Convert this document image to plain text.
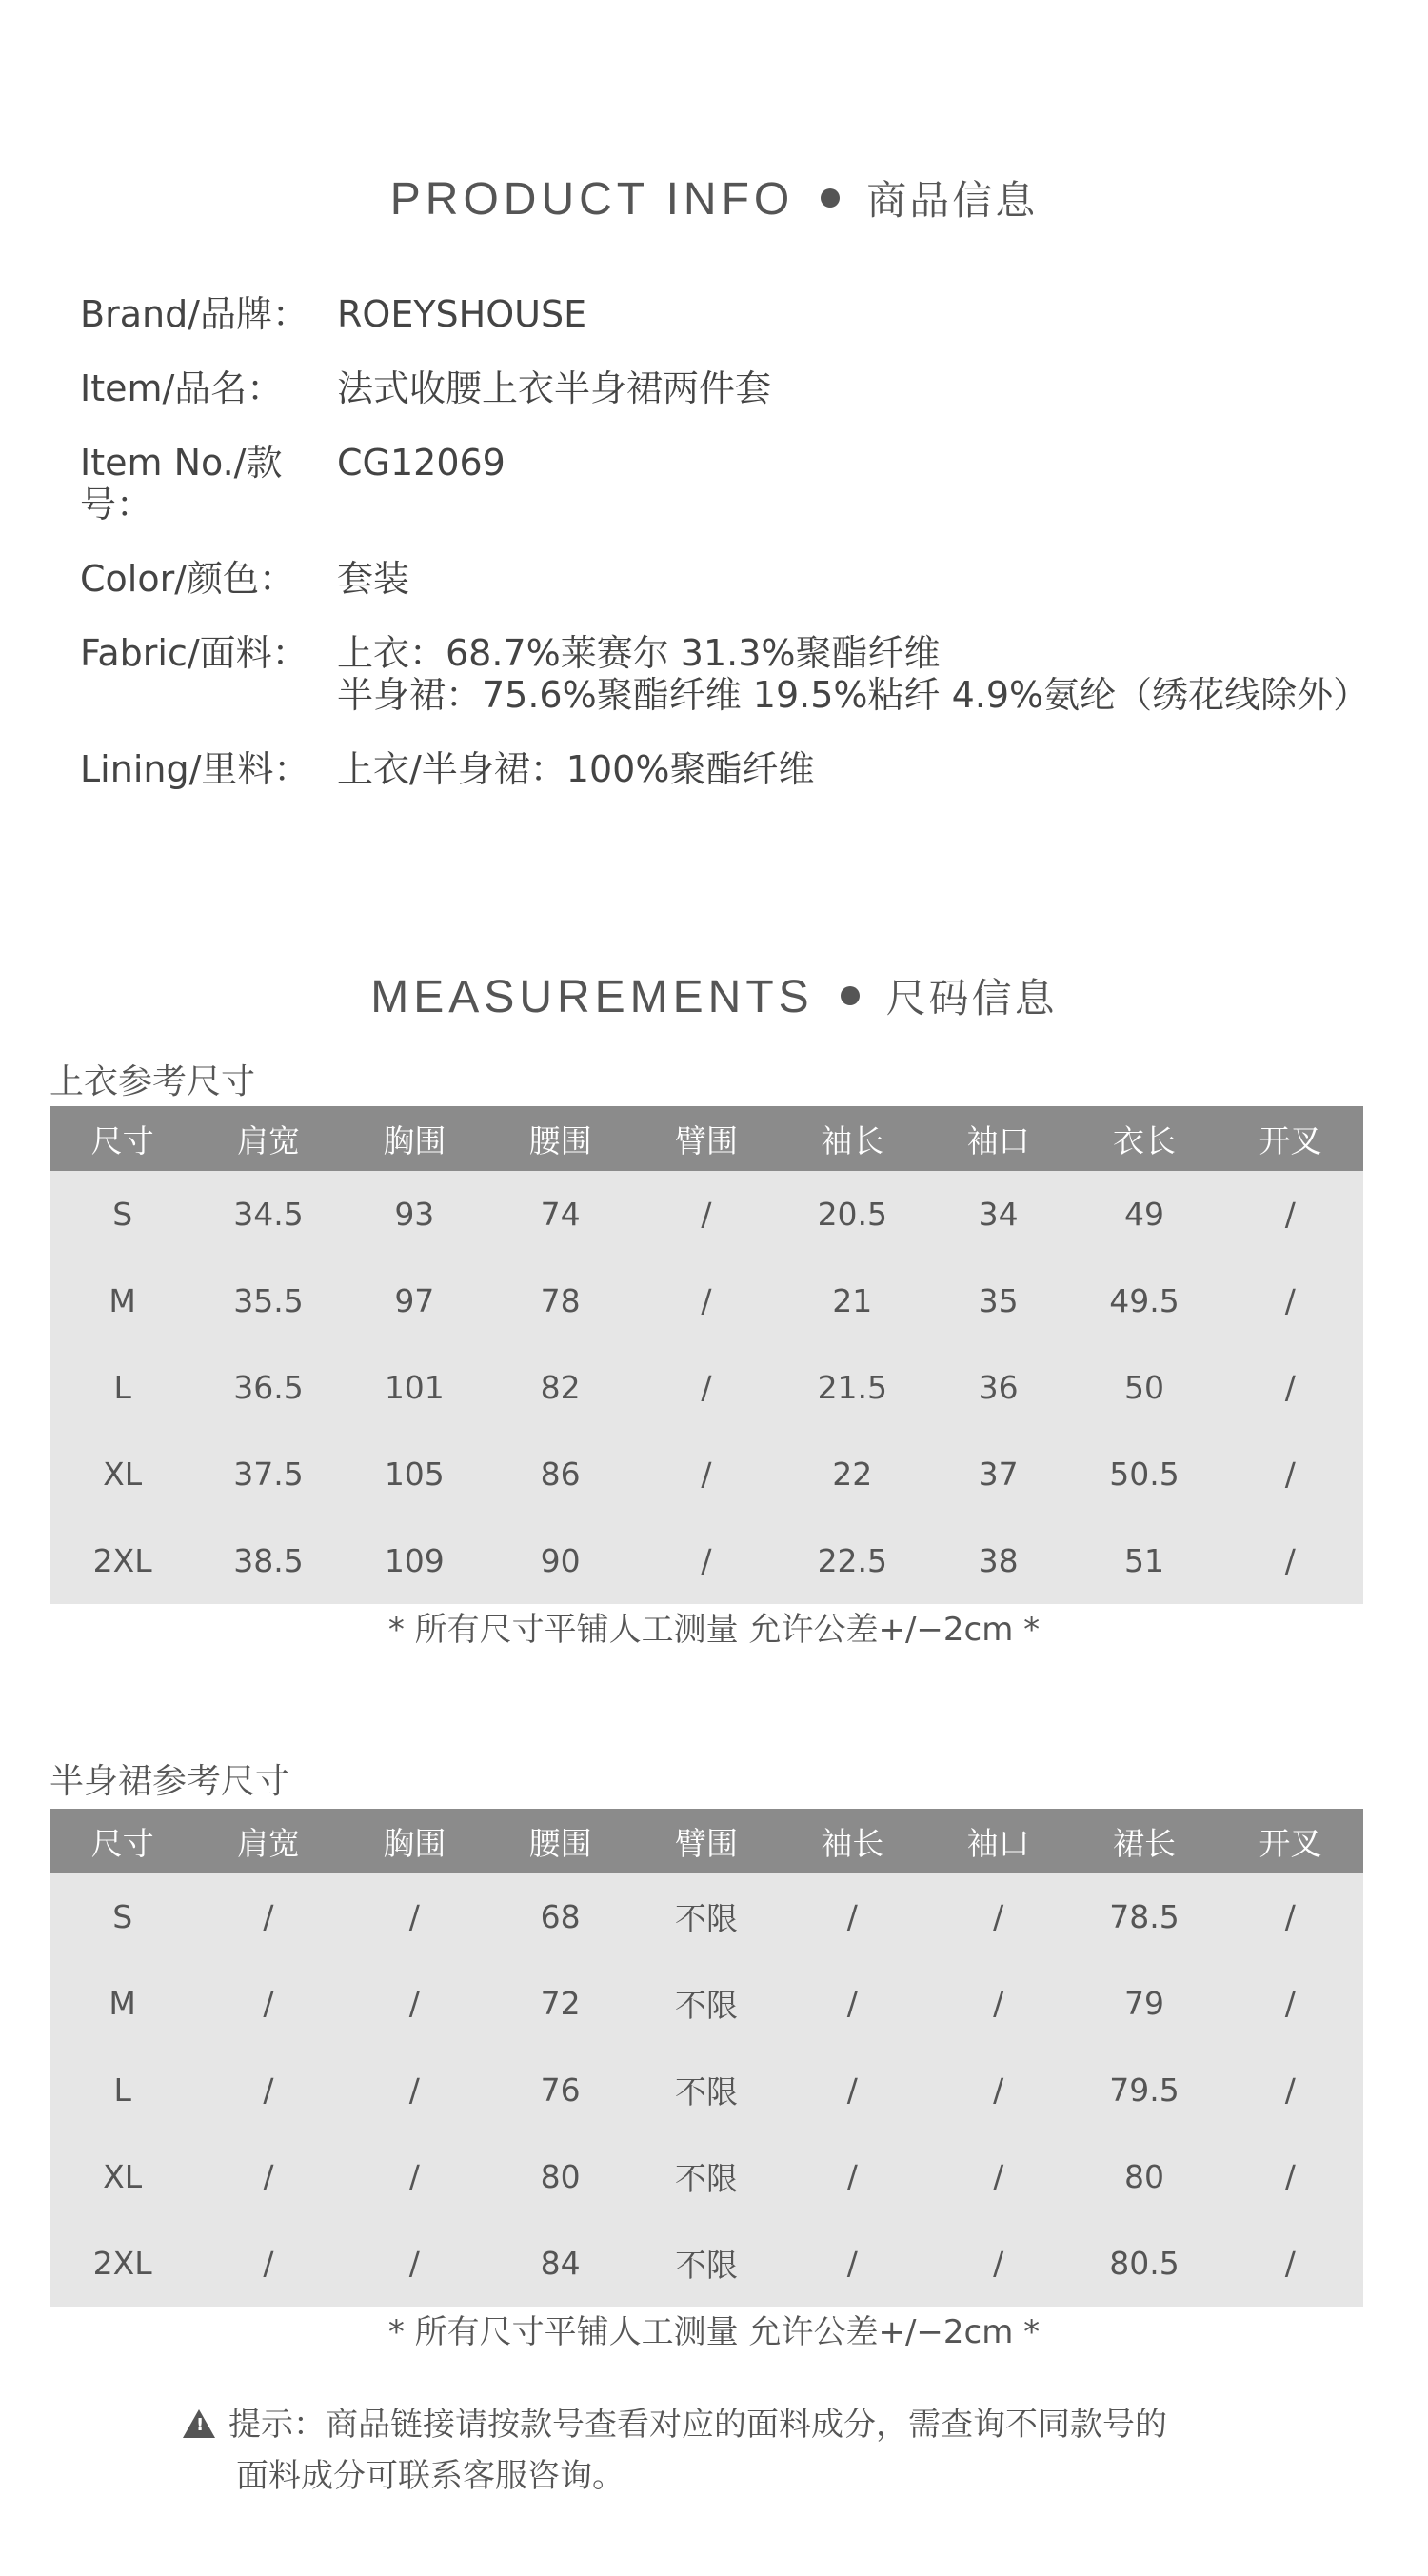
PRODUCT INFO 商品信息
Brand/品牌： ROEYSHOUSE
Item/品名：	法式收腰上衣半身裙两件套
Item No./款号：
CG12069
Color/颜色：	套装
Fabric/面料： 上衣：68.7%莱赛尔 31.3%聚酯纤维
半身裙：75.6%聚酯纤维 19.5%粘纤 4.9%氨纶（绣花线除外）
Lining/里料： 上衣/半身裙：100%聚酯纤维
MEASUREMENTS 尺码信息
上衣参考尺寸
尺寸	肩宽	胸围	腰围	臂围	袖长	袖口	衣长	开叉
S	34.5	93	74	/	20.5	34	49	/
M	35.5	97	78	/	21	35	49.5	/
L	36.5	101	82	/	21.5	36	50	/
XL	37.5	105	86	/	22	37	50.5	/
2XL	38.5	109	90	/	22.5	38	51	/
* 所有尺寸平铺人工测量 允许公差+/−2cm *
半身裙参考尺寸
尺寸	肩宽	胸围	腰围	臂围	袖长	袖口	裙长	开叉
S	/	/	68	不限	/	/	78.5	/
M	/	/	72	不限	/	/	79	/
L	/	/	76	不限	/	/	79.5	/
XL	/	/	80	不限	/	/	80	/
2XL	/	/	84	不限	/	/	80.5	/
* 所有尺寸平铺人工测量 允许公差+/−2cm *
! 提示：商品链接请按款号查看对应的面料成分，需查询不同款号的
面料成分可联系客服咨询。
